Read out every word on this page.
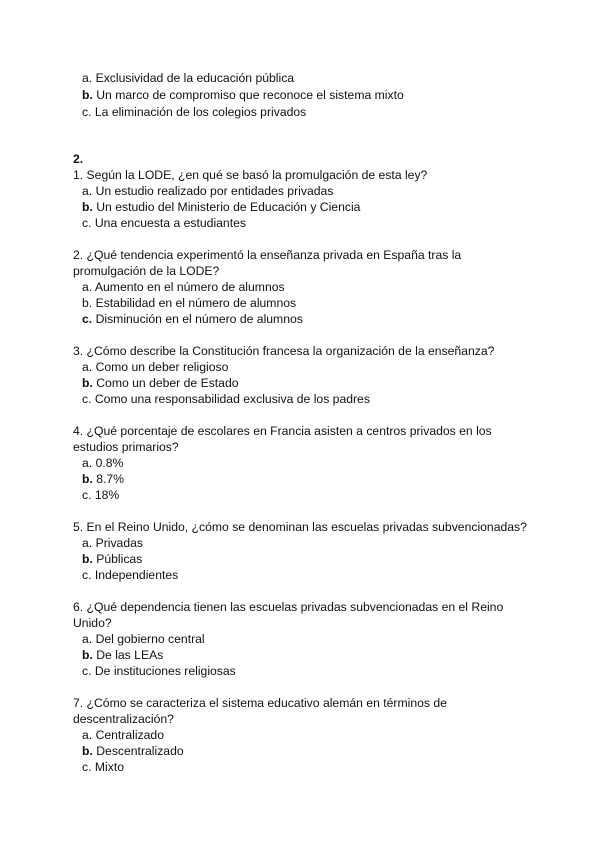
a. Exclusividad de la educación pública
b. Un marco de compromiso que reconoce el sistema mixto
c. La eliminación de los colegios privados
2.
1. Según la LODE, ¿en qué se basó la promulgación de esta ley?
a. Un estudio realizado por entidades privadas
b. Un estudio del Ministerio de Educación y Ciencia
c. Una encuesta a estudiantes
2. ¿Qué tendencia experimentó la enseñanza privada en España tras la promulgación de la LODE?
a. Aumento en el número de alumnos
b. Estabilidad en el número de alumnos
c. Disminución en el número de alumnos
3. ¿Cómo describe la Constitución francesa la organización de la enseñanza?
a. Como un deber religioso
b. Como un deber de Estado
c. Como una responsabilidad exclusiva de los padres
4. ¿Qué porcentaje de escolares en Francia asisten a centros privados en los estudios primarios?
a. 0.8%
b. 8.7%
c. 18%
5. En el Reino Unido, ¿cómo se denominan las escuelas privadas subvencionadas?
a. Privadas
b. Públicas
c. Independientes
6. ¿Qué dependencia tienen las escuelas privadas subvencionadas en el Reino Unido?
a. Del gobierno central
b. De las LEAs
c. De instituciones religiosas
7. ¿Cómo se caracteriza el sistema educativo alemán en términos de descentralización?
a. Centralizado
b. Descentralizado
c. Mixto
